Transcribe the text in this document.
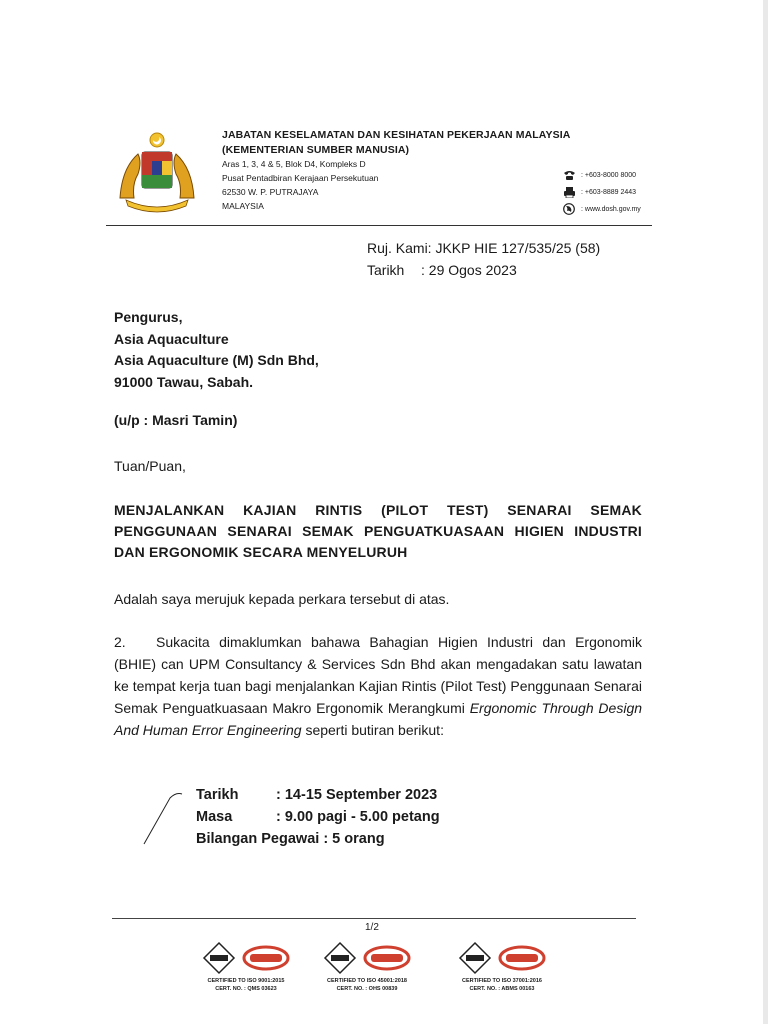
JABATAN KESELAMATAN DAN KESIHATAN PEKERJAAN MALAYSIA
(KEMENTERIAN SUMBER MANUSIA)
Aras 1, 3, 4 & 5, Blok D4, Kompleks D
Pusat Pentadbiran Kerajaan Persekutuan
62530 W. P. PUTRAJAYA
MALAYSIA
: +603-8000 8000
: +603-8889 2443
: www.dosh.gov.my
Ruj. Kami: JKKP HIE 127/535/25 (58)
Tarikh : 29 Ogos 2023
Pengurus,
Asia Aquaculture
Asia Aquaculture (M) Sdn Bhd,
91000 Tawau, Sabah.
(u/p : Masri Tamin)
Tuan/Puan,
MENJALANKAN KAJIAN RINTIS (PILOT TEST) SENARAI SEMAK PENGGUNAAN SENARAI SEMAK PENGUATKUASAAN HIGIEN INDUSTRI DAN ERGONOMIK SECARA MENYELURUH
Adalah saya merujuk kepada perkara tersebut di atas.
2. Sukacita dimaklumkan bahawa Bahagian Higien Industri dan Ergonomik (BHIE) can UPM Consultancy & Services Sdn Bhd akan mengadakan satu lawatan ke tempat kerja tuan bagi menjalankan Kajian Rintis (Pilot Test) Penggunaan Senarai Semak Penguatkuasaan Makro Ergonomik Merangkumi Ergonomic Through Design And Human Error Engineering seperti butiran berikut:
Tarikh	: 14-15 September 2023
Masa	: 9.00 pagi - 5.00 petang
Bilangan Pegawai : 5 orang
1/2
CERTIFIED TO ISO 9001:2015
CERT. NO. : QMS 03623
CERTIFIED TO ISO 45001:2018
CERT. NO. : OHS 00839
CERTIFIED TO ISO 37001:2016
CERT. NO. : ABMS 00163
